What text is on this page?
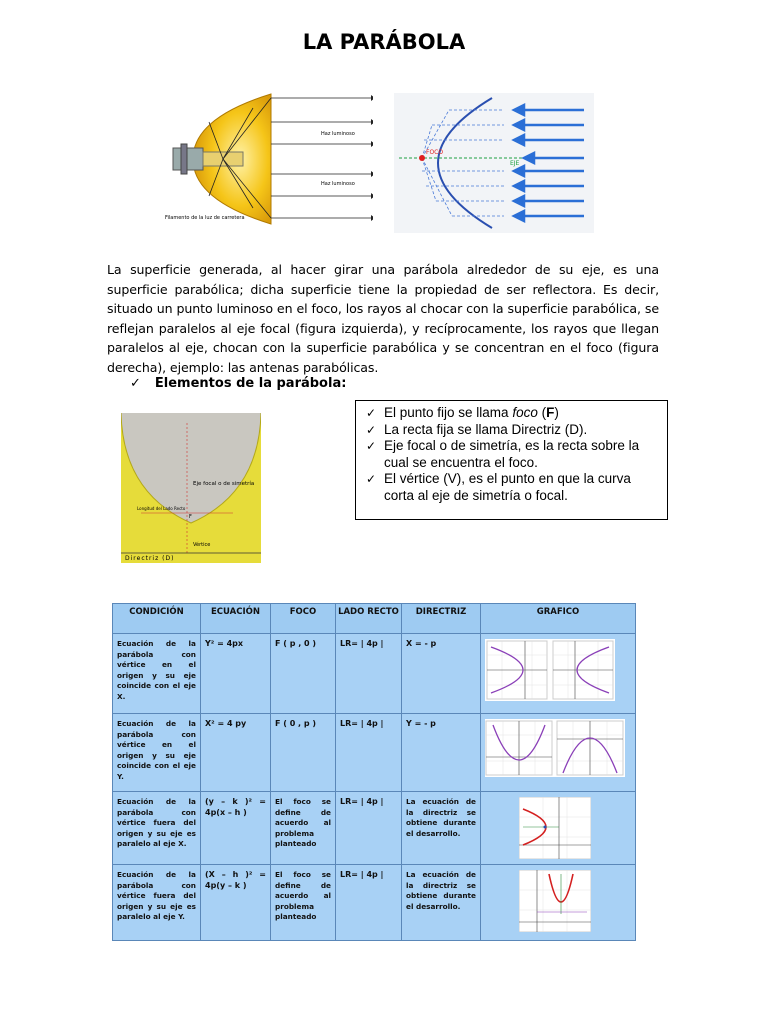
LA PARÁBOLA
Haz luminoso
Haz luminoso
Filamento de la luz de carretera
FOCO
EJE
La superficie generada, al hacer girar una parábola alrededor de su eje, es una superficie parabólica; dicha superficie tiene la propiedad de ser reflectora. Es decir, situado un punto luminoso en el foco, los rayos al chocar con la superficie parabólica, se reflejan paralelos al eje focal (figura izquierda), y recíprocamente, los rayos que llegan paralelos al eje, chocan con la superficie parabólica y se concentran en el foco (figura derecha), ejemplo: las antenas parabólicas.
✓ Elementos de la parábola:
Eje focal o de simetría
Longitud del Lado Recto
F
Vértice
Directriz (D)
✓ El punto fijo se llama foco (F)
✓ La recta fija se llama Directriz (D).
✓ Eje focal o de simetría, es la recta sobre la cual se encuentra el foco.
✓ El vértice (V), es el punto en que la curva corta al eje de simetría o focal.
CONDICIÓN	ECUACIÓN	FOCO	LADO RECTO	DIRECTRIZ	GRAFICO
Ecuación de la parábola con vértice en el origen y su eje coincide con el eje X.	Y² = 4px	F ( p , 0 )	LR= | 4p |	X = - p	

Ecuación de la parábola con vértice en el origen y su eje coincide con el eje Y.	X² = 4 py	F ( 0 , p )	LR= | 4p |	Y = - p	

Ecuación de la parábola con vértice fuera del origen y su eje es paralelo al eje X.	(y – k )² = 4p(x – h )	El foco se define de acuerdo al problema planteado	LR= | 4p |	La ecuación de la directriz se obtiene durante el desarrollo.	

Ecuación de la parábola con vértice fuera del origen y su eje es paralelo al eje Y.	(X – h )² = 4p(y – k )	El foco se define de acuerdo al problema planteado	LR= | 4p |	La ecuación de la directriz se obtiene durante el desarrollo.	
